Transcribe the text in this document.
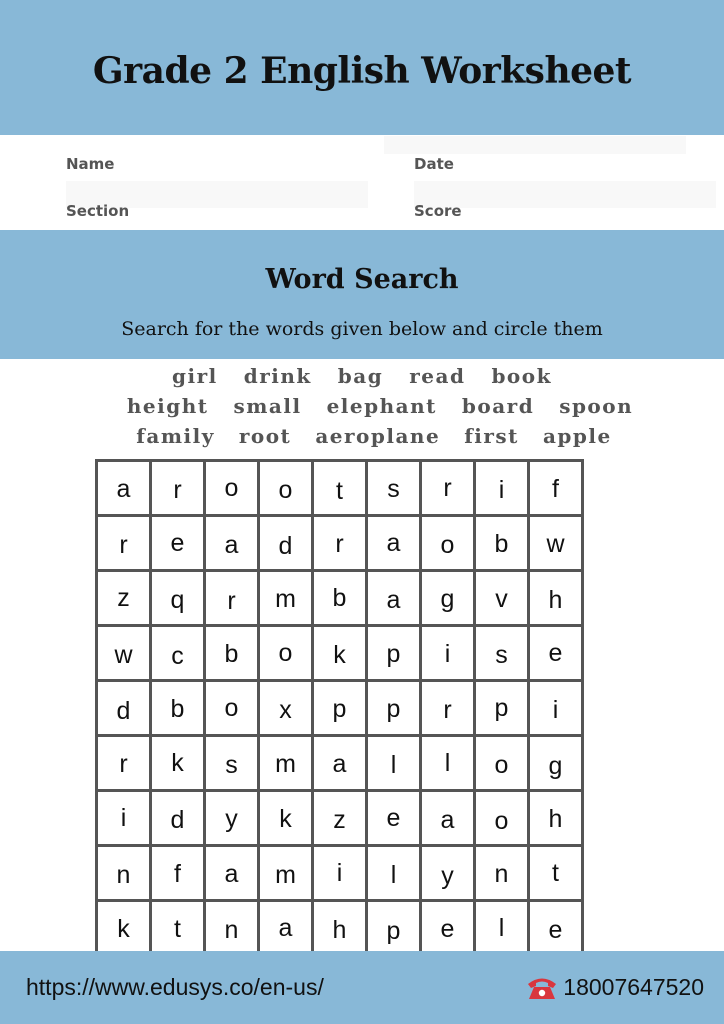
Grade 2 English Worksheet
Name	Date
Section	Score
Word Search
Search for the words given below and circle them
girl drink bag read book
height small elephant board spoon
family root aeroplane first apple
a	r	o	o	t	s	r	i	f
r	e	a	d	r	a	o	b	w
z	q	r	m	b	a	g	v	h
w	c	b	o	k	p	i	s	e
d	b	o	x	p	p	r	p	i
r	k	s	m	a	l	l	o	g
i	d	y	k	z	e	a	o	h
n	f	a	m	i	l	y	n	t
k	t	n	a	h	p	e	l	e
https://www.edusys.co/en-us/	18007647520
